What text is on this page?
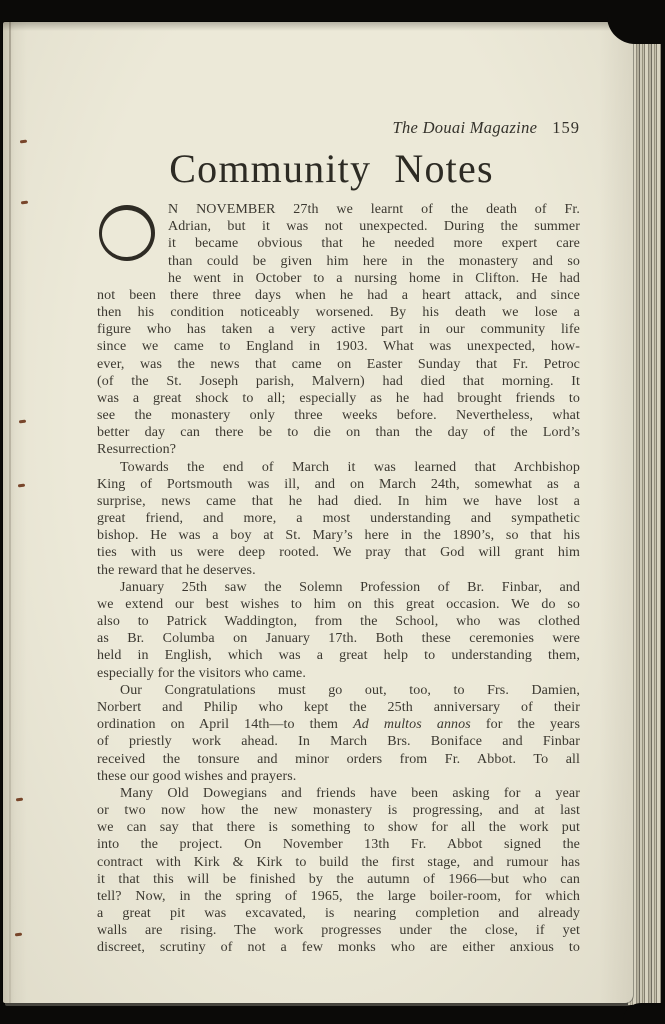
The Douai Magazine 159
Community Notes
N NOVEMBER 27th we learnt of the death of Fr.
Adrian, but it was not unexpected. During the summer
it became obvious that he needed more expert care
than could be given him here in the monastery and so
he went in October to a nursing home in Clifton. He had
not been there three days when he had a heart attack, and since
then his condition noticeably worsened. By his death we lose a
figure who has taken a very active part in our community life
since we came to England in 1903. What was unexpected, how-
ever, was the news that came on Easter Sunday that Fr. Petroc
(of the St. Joseph parish, Malvern) had died that morning. It
was a great shock to all; especially as he had brought friends to
see the monastery only three weeks before. Nevertheless, what
better day can there be to die on than the day of the Lord’s
Resurrection?
Towards the end of March it was learned that Archbishop
King of Portsmouth was ill, and on March 24th, somewhat as a
surprise, news came that he had died. In him we have lost a
great friend, and more, a most understanding and sympathetic
bishop. He was a boy at St. Mary’s here in the 1890’s, so that his
ties with us were deep rooted. We pray that God will grant him
the reward that he deserves.
January 25th saw the Solemn Profession of Br. Finbar, and
we extend our best wishes to him on this great occasion. We do so
also to Patrick Waddington, from the School, who was clothed
as Br. Columba on January 17th. Both these ceremonies were
held in English, which was a great help to understanding them,
especially for the visitors who came.
Our Congratulations must go out, too, to Frs. Damien,
Norbert and Philip who kept the 25th anniversary of their
ordination on April 14th—to them Ad multos annos for the years
of priestly work ahead. In March Brs. Boniface and Finbar
received the tonsure and minor orders from Fr. Abbot. To all
these our good wishes and prayers.
Many Old Dowegians and friends have been asking for a year
or two now how the new monastery is progressing, and at last
we can say that there is something to show for all the work put
into the project. On November 13th Fr. Abbot signed the
contract with Kirk & Kirk to build the first stage, and rumour has
it that this will be finished by the autumn of 1966—but who can
tell? Now, in the spring of 1965, the large boiler-room, for which
a great pit was excavated, is nearing completion and already
walls are rising. The work progresses under the close, if yet
discreet, scrutiny of not a few monks who are either anxious to
